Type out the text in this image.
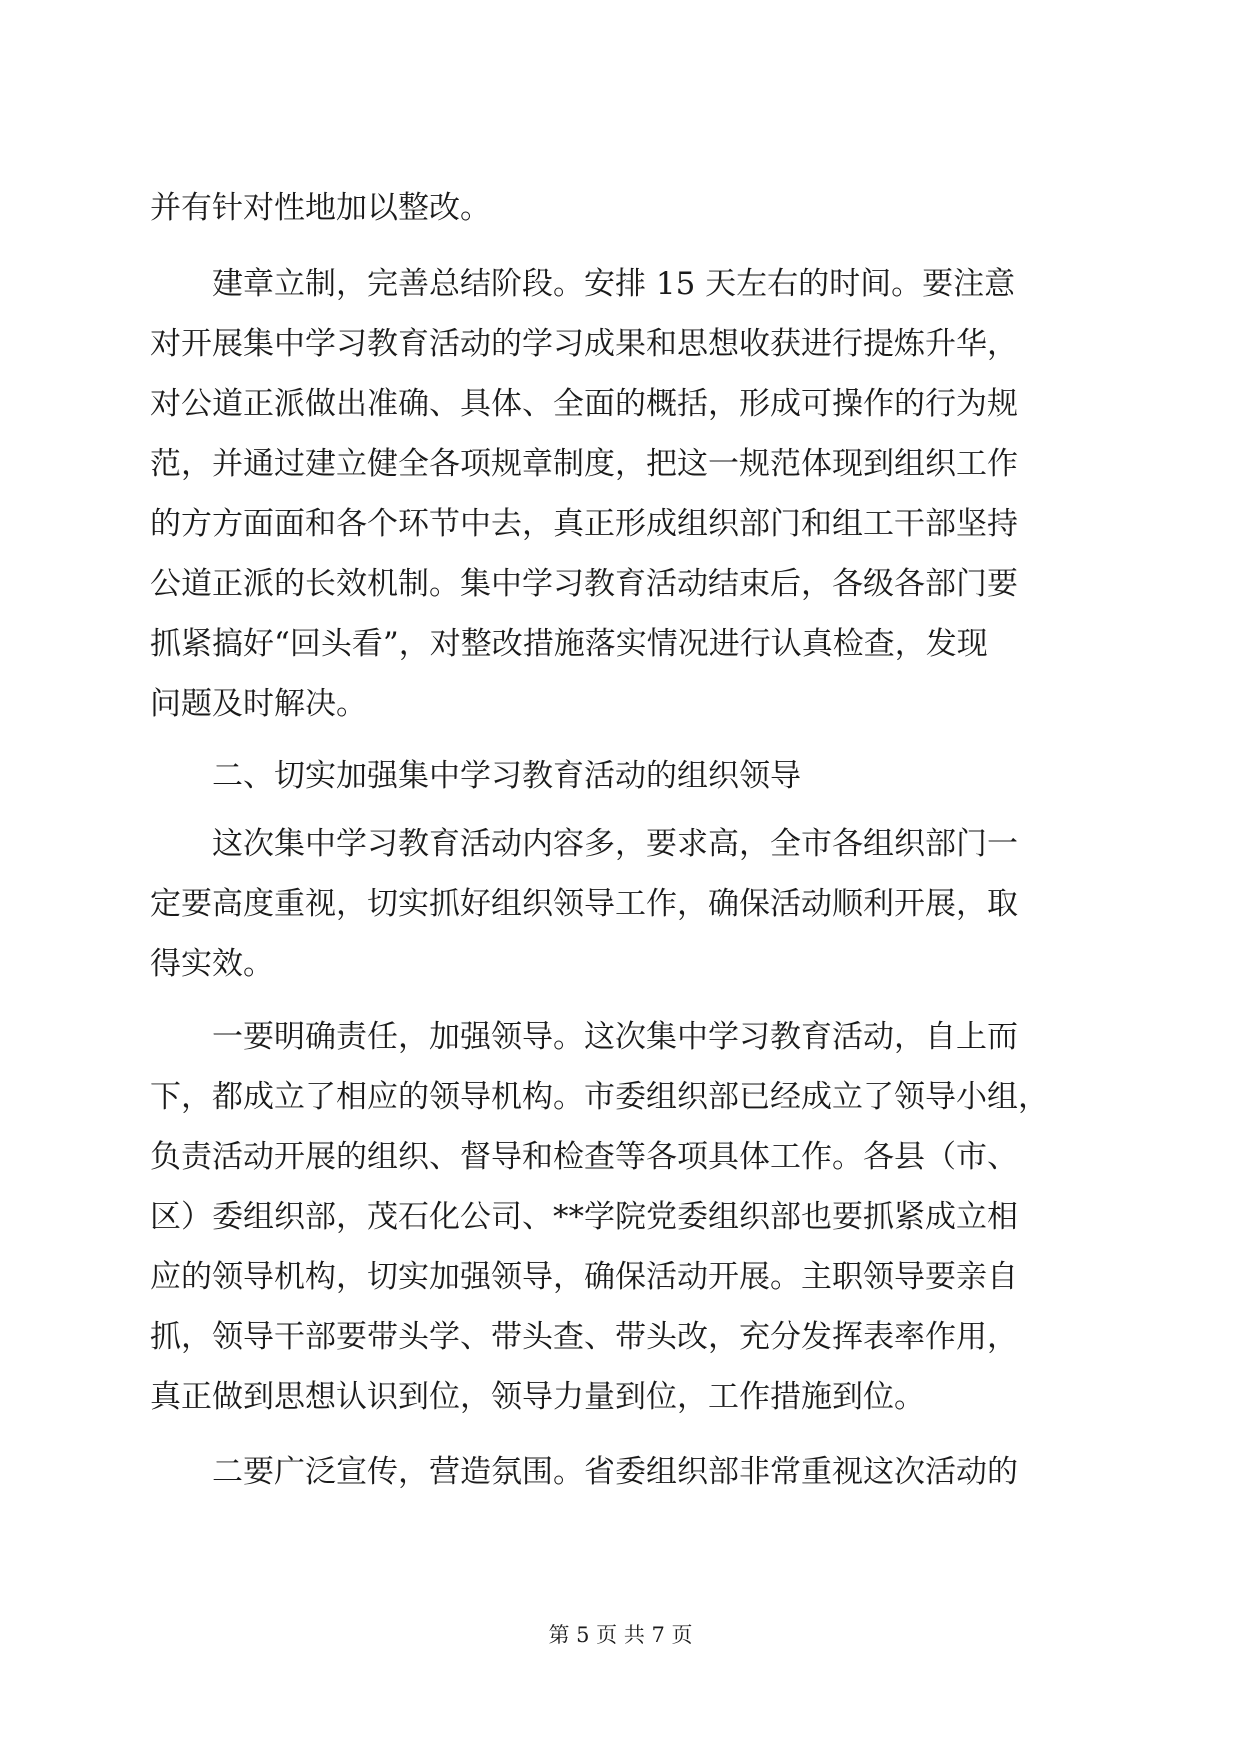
并有针对性地加以整改。
建章立制，完善总结阶段。安排 15 天左右的时间。要注意
对开展集中学习教育活动的学习成果和思想收获进行提炼升华，
对公道正派做出准确、具体、全面的概括，形成可操作的行为规
范，并通过建立健全各项规章制度，把这一规范体现到组织工作
的方方面面和各个环节中去，真正形成组织部门和组工干部坚持
公道正派的长效机制。集中学习教育活动结束后，各级各部门要
抓紧搞好“回头看”，对整改措施落实情况进行认真检查，发现
问题及时解决。
二、切实加强集中学习教育活动的组织领导
这次集中学习教育活动内容多，要求高，全市各组织部门一
定要高度重视，切实抓好组织领导工作，确保活动顺利开展，取
得实效。
一要明确责任，加强领导。这次集中学习教育活动，自上而
下，都成立了相应的领导机构。市委组织部已经成立了领导小组，
负责活动开展的组织、督导和检查等各项具体工作。各县（市、
区）委组织部，茂石化公司、**学院党委组织部也要抓紧成立相
应的领导机构，切实加强领导，确保活动开展。主职领导要亲自
抓，领导干部要带头学、带头查、带头改，充分发挥表率作用，
真正做到思想认识到位，领导力量到位，工作措施到位。
二要广泛宣传，营造氛围。省委组织部非常重视这次活动的
第 5 页 共 7 页
